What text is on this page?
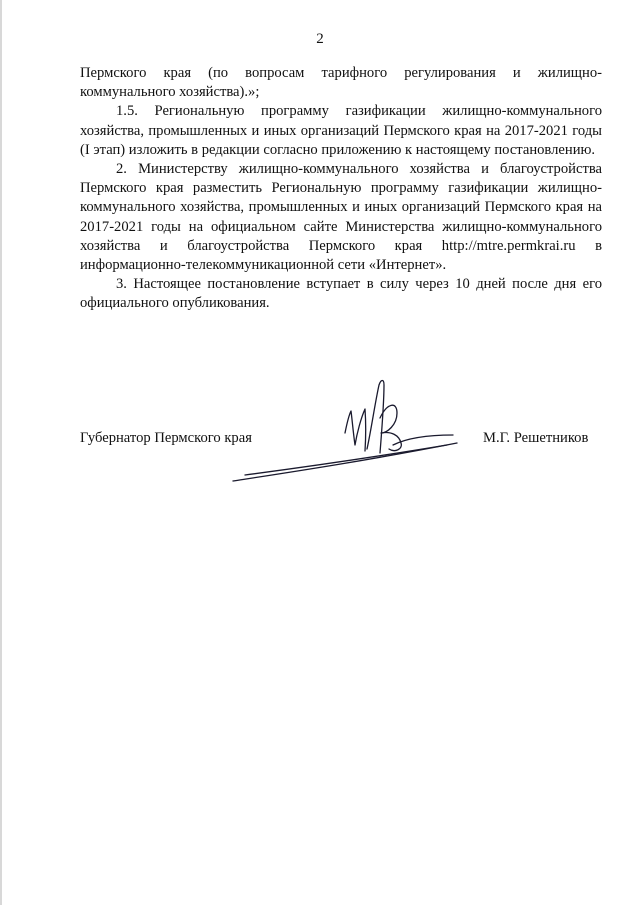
2

Пермского края (по вопросам тарифного регулирования и жилищно-коммунального хозяйства).»;

1.5. Региональную программу газификации жилищно-коммунального хозяйства, промышленных и иных организаций Пермского края на 2017-2021 годы (I этап) изложить в редакции согласно приложению к настоящему постановлению.

2. Министерству жилищно-коммунального хозяйства и благоустройства Пермского края разместить Региональную программу газификации жилищно-коммунального хозяйства, промышленных и иных организаций Пермского края на 2017-2021 годы на официальном сайте Министерства жилищно-коммунального хозяйства и благоустройства Пермского края http://mtre.permkrai.ru в информационно-телекоммуникационной сети «Интернет».

3. Настоящее постановление вступает в силу через 10 дней после дня его официального опубликования.

Губернатор Пермского края	М.Г. Решетников
